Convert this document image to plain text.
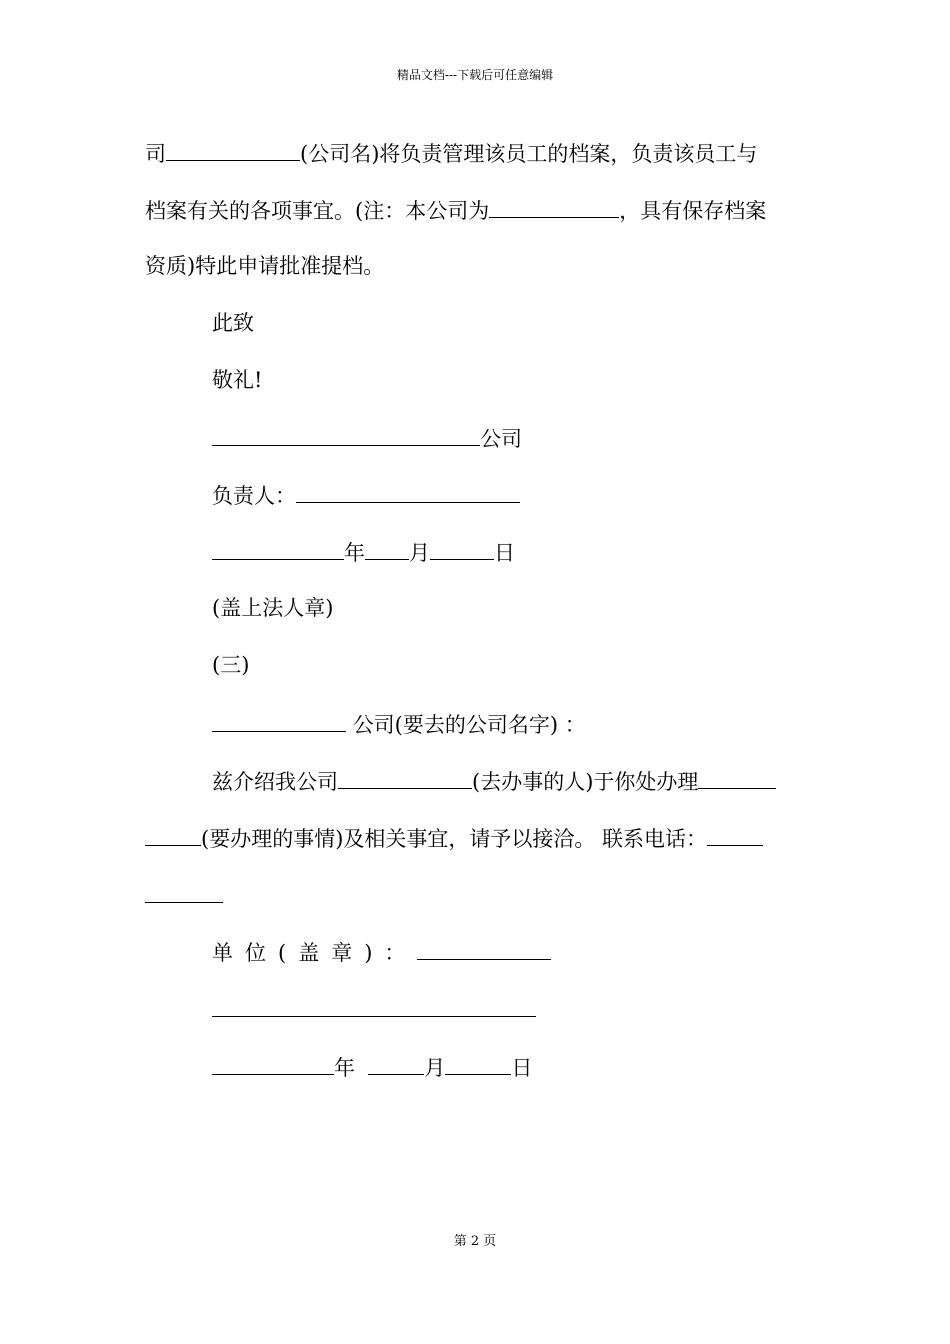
精品文档---下载后可任意编辑
司	(公司名)将负责管理该员工的档案，负责该员工与
档案有关的各项事宜。(注：本公司为	，具有保存档案
资质)特此申请批准提档。
此致
敬礼!
公司
负责人：
年 月	日
(盖上法人章)
(三)
公司(要去的公司名字) ：
兹介绍我公司	(去办事的人)于你处办理
(要办理的事情)及相关事宜，请予以接洽。 联系电话：
单位(盖章)：
年	月	日
第 2 页
